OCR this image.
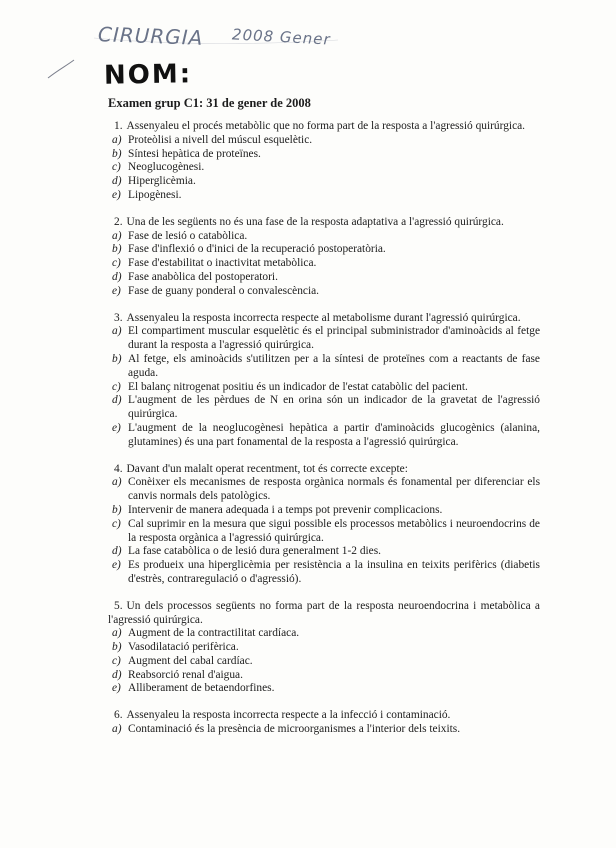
CIRURGIA 2008 Gener
NOM:
Examen grup C1: 31 de gener de 2008
1. Assenyaleu el procés metabòlic que no forma part de la resposta a l'agressió quirúrgica.
a) Proteòlisi a nivell del múscul esquelètic.
b) Síntesi hepàtica de proteïnes.
c) Neoglucogènesi.
d) Hiperglicèmia.
e) Lipogènesi.
2. Una de les següents no és una fase de la resposta adaptativa a l'agressió quirúrgica.
a) Fase de lesió o catabòlica.
b) Fase d'inflexió o d'inici de la recuperació postoperatòria.
c) Fase d'estabilitat o inactivitat metabòlica.
d) Fase anabòlica del postoperatori.
e) Fase de guany ponderal o convalescència.
3. Assenyaleu la resposta incorrecta respecte al metabolisme durant l'agressió quirúrgica.
a) El compartiment muscular esquelètic és el principal subministrador d'aminoàcids al fetge durant la resposta a l'agressió quirúrgica.
b) Al fetge, els aminoàcids s'utilitzen per a la síntesi de proteïnes com a reactants de fase aguda.
c) El balanç nitrogenat positiu és un indicador de l'estat catabòlic del pacient.
d) L'augment de les pèrdues de N en orina són un indicador de la gravetat de l'agressió quirúrgica.
e) L'augment de la neoglucogènesi hepàtica a partir d'aminoàcids glucogènics (alanina, glutamines) és una part fonamental de la resposta a l'agressió quirúrgica.
4. Davant d'un malalt operat recentment, tot és correcte excepte:
a) Conèixer els mecanismes de resposta orgànica normals és fonamental per diferenciar els canvis normals dels patològics.
b) Intervenir de manera adequada i a temps pot prevenir complicacions.
c) Cal suprimir en la mesura que sigui possible els processos metabòlics i neuroendocrins de la resposta orgànica a l'agressió quirúrgica.
d) La fase catabòlica o de lesió dura generalment 1-2 dies.
e) Es produeix una hiperglicèmia per resistència a la insulina en teixits perifèrics (diabetis d'estrès, contraregulació o d'agressió).
5. Un dels processos següents no forma part de la resposta neuroendocrina i metabòlica a l'agressió quirúrgica.
a) Augment de la contractilitat cardíaca.
b) Vasodilatació perifèrica.
c) Augment del cabal cardíac.
d) Reabsorció renal d'aigua.
e) Alliberament de betaendorfines.
6. Assenyaleu la resposta incorrecta respecte a la infecció i contaminació.
a) Contaminació és la presència de microorganismes a l'interior dels teixits.
